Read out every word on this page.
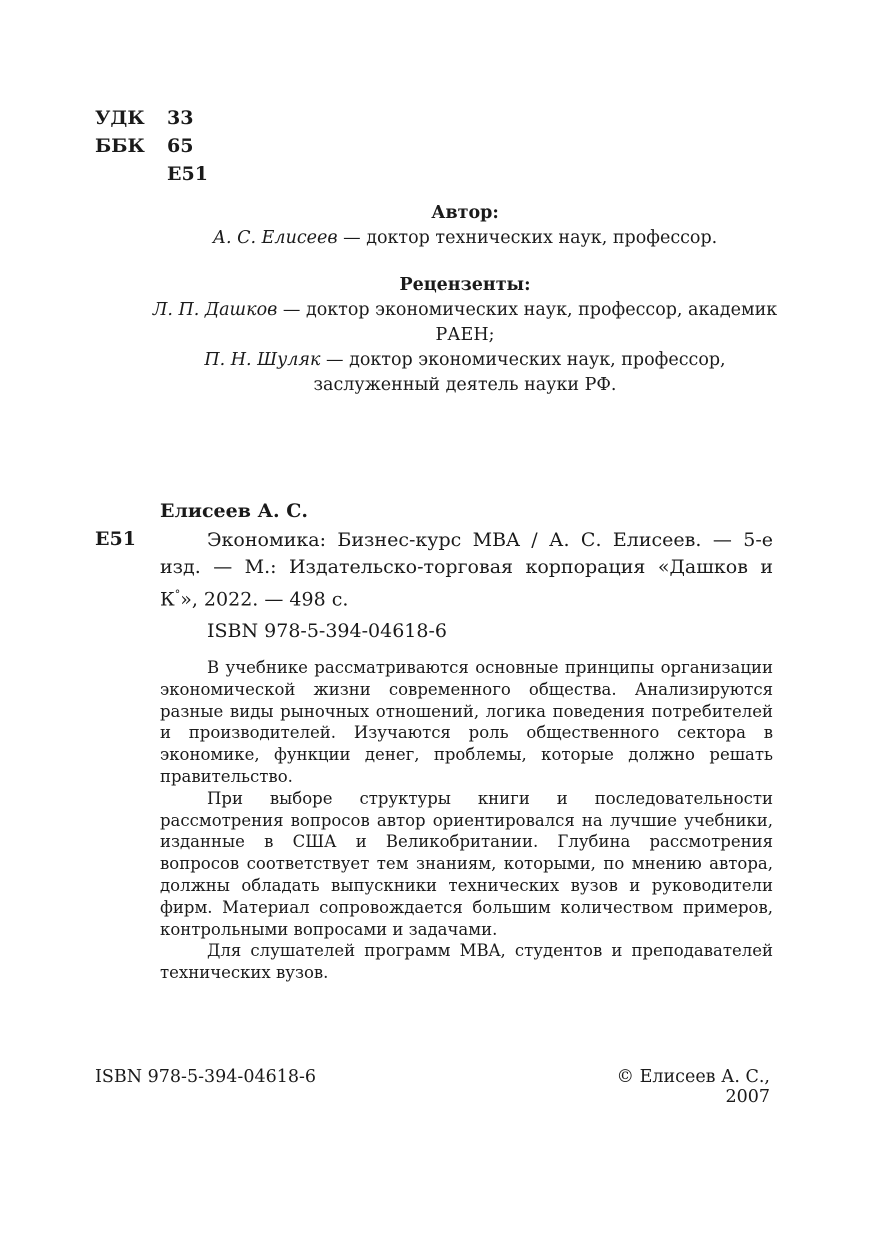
УДК	33
ББК	65
Е51
Автор:
А. С. Елисеев — доктор технических наук, профессор.
Рецензенты:
Л. П. Дашков — доктор экономических наук, профессор, академик РАЕН;
П. Н. Шуляк — доктор экономических наук, профессор, заслуженный деятель науки РФ.
Елисеев А. С.
Е51	Экономика: Бизнес-курс MBA / А. С. Елисеев. — 5-е изд. — М.: Издательско-торговая корпорация «Дашков и К°», 2022. — 498 с.
ISBN 978-5-394-04618-6

В учебнике рассматриваются основные принципы организации экономической жизни современного общества. Анализируются разные виды рыночных отношений, логика поведения потребителей и производителей. Изучаются роль общественного сектора в экономике, функции денег, проблемы, которые должно решать правительство.

При выборе структуры книги и последовательности рассмотрения вопросов автор ориентировался на лучшие учебники, изданные в США и Великобритании. Глубина рассмотрения вопросов соответствует тем знаниям, которыми, по мнению автора, должны обладать выпускники технических вузов и руководители фирм. Материал сопровождается большим количеством примеров, контрольными вопросами и задачами.

Для слушателей программ MBA, студентов и преподавателей технических вузов.

ISBN 978-5-394-04618-6	© Елисеев А. С., 2007
